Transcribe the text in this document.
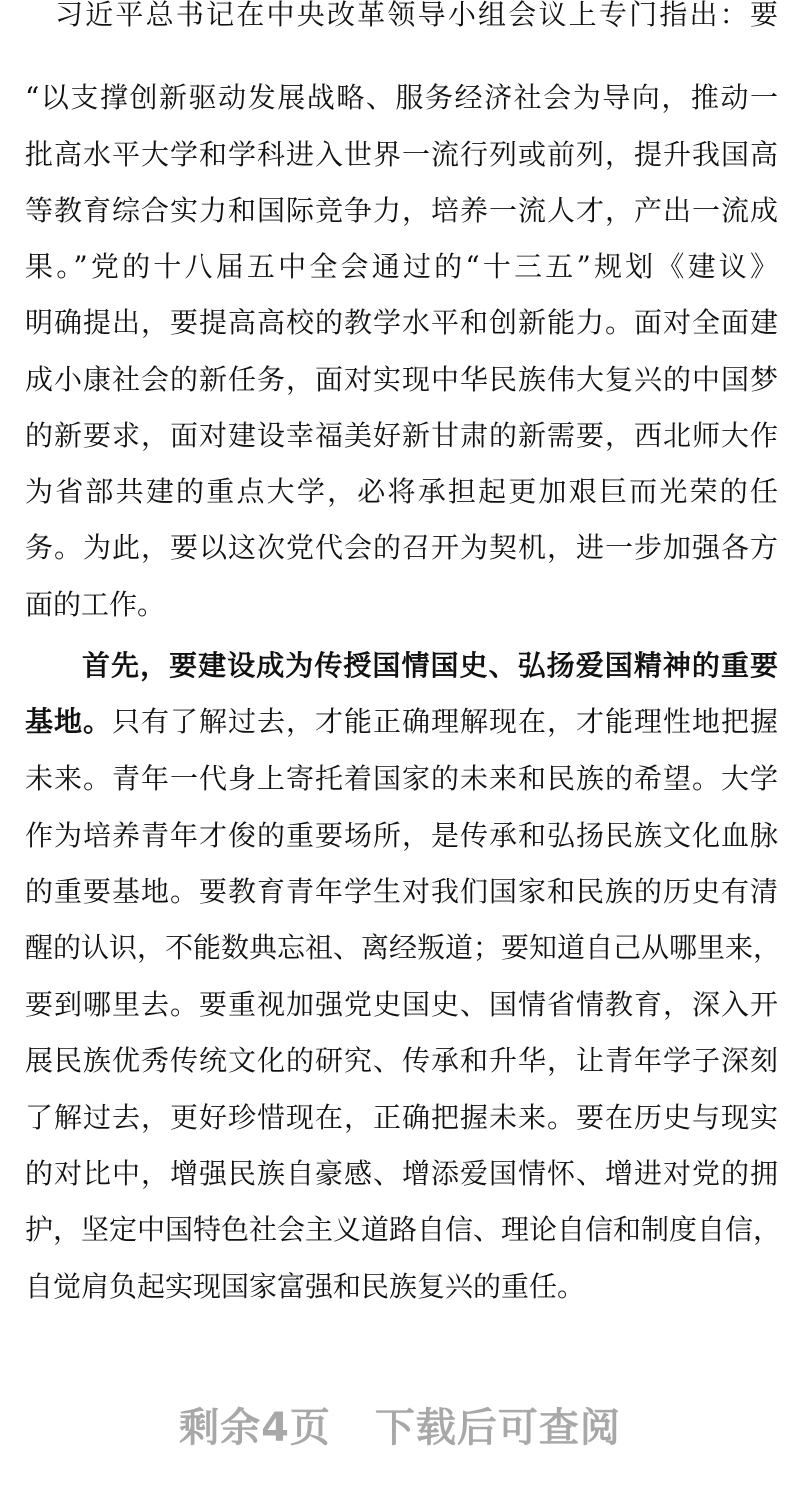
习近平总书记在中央改革领导小组会议上专门指出：要
“以支撑创新驱动发展战略、服务经济社会为导向，推动一
批高水平大学和学科进入世界一流行列或前列，提升我国高
等教育综合实力和国际竞争力，培养一流人才，产出一流成
果。”党的十八届五中全会通过的“十三五”规划《建议》
明确提出，要提高高校的教学水平和创新能力。面对全面建
成小康社会的新任务，面对实现中华民族伟大复兴的中国梦
的新要求，面对建设幸福美好新甘肃的新需要，西北师大作
为省部共建的重点大学，必将承担起更加艰巨而光荣的任
务。为此，要以这次党代会的召开为契机，进一步加强各方
面的工作。
首先，要建设成为传授国情国史、弘扬爱国精神的重要
基地。只有了解过去，才能正确理解现在，才能理性地把握
未来。青年一代身上寄托着国家的未来和民族的希望。大学
作为培养青年才俊的重要场所，是传承和弘扬民族文化血脉
的重要基地。要教育青年学生对我们国家和民族的历史有清
醒的认识，不能数典忘祖、离经叛道；要知道自己从哪里来，
要到哪里去。要重视加强党史国史、国情省情教育，深入开
展民族优秀传统文化的研究、传承和升华，让青年学子深刻
了解过去，更好珍惜现在，正确把握未来。要在历史与现实
的对比中，增强民族自豪感、增添爱国情怀、增进对党的拥
护，坚定中国特色社会主义道路自信、理论自信和制度自信，
自觉肩负起实现国家富强和民族复兴的重任。
剩余4页 下载后可查阅
